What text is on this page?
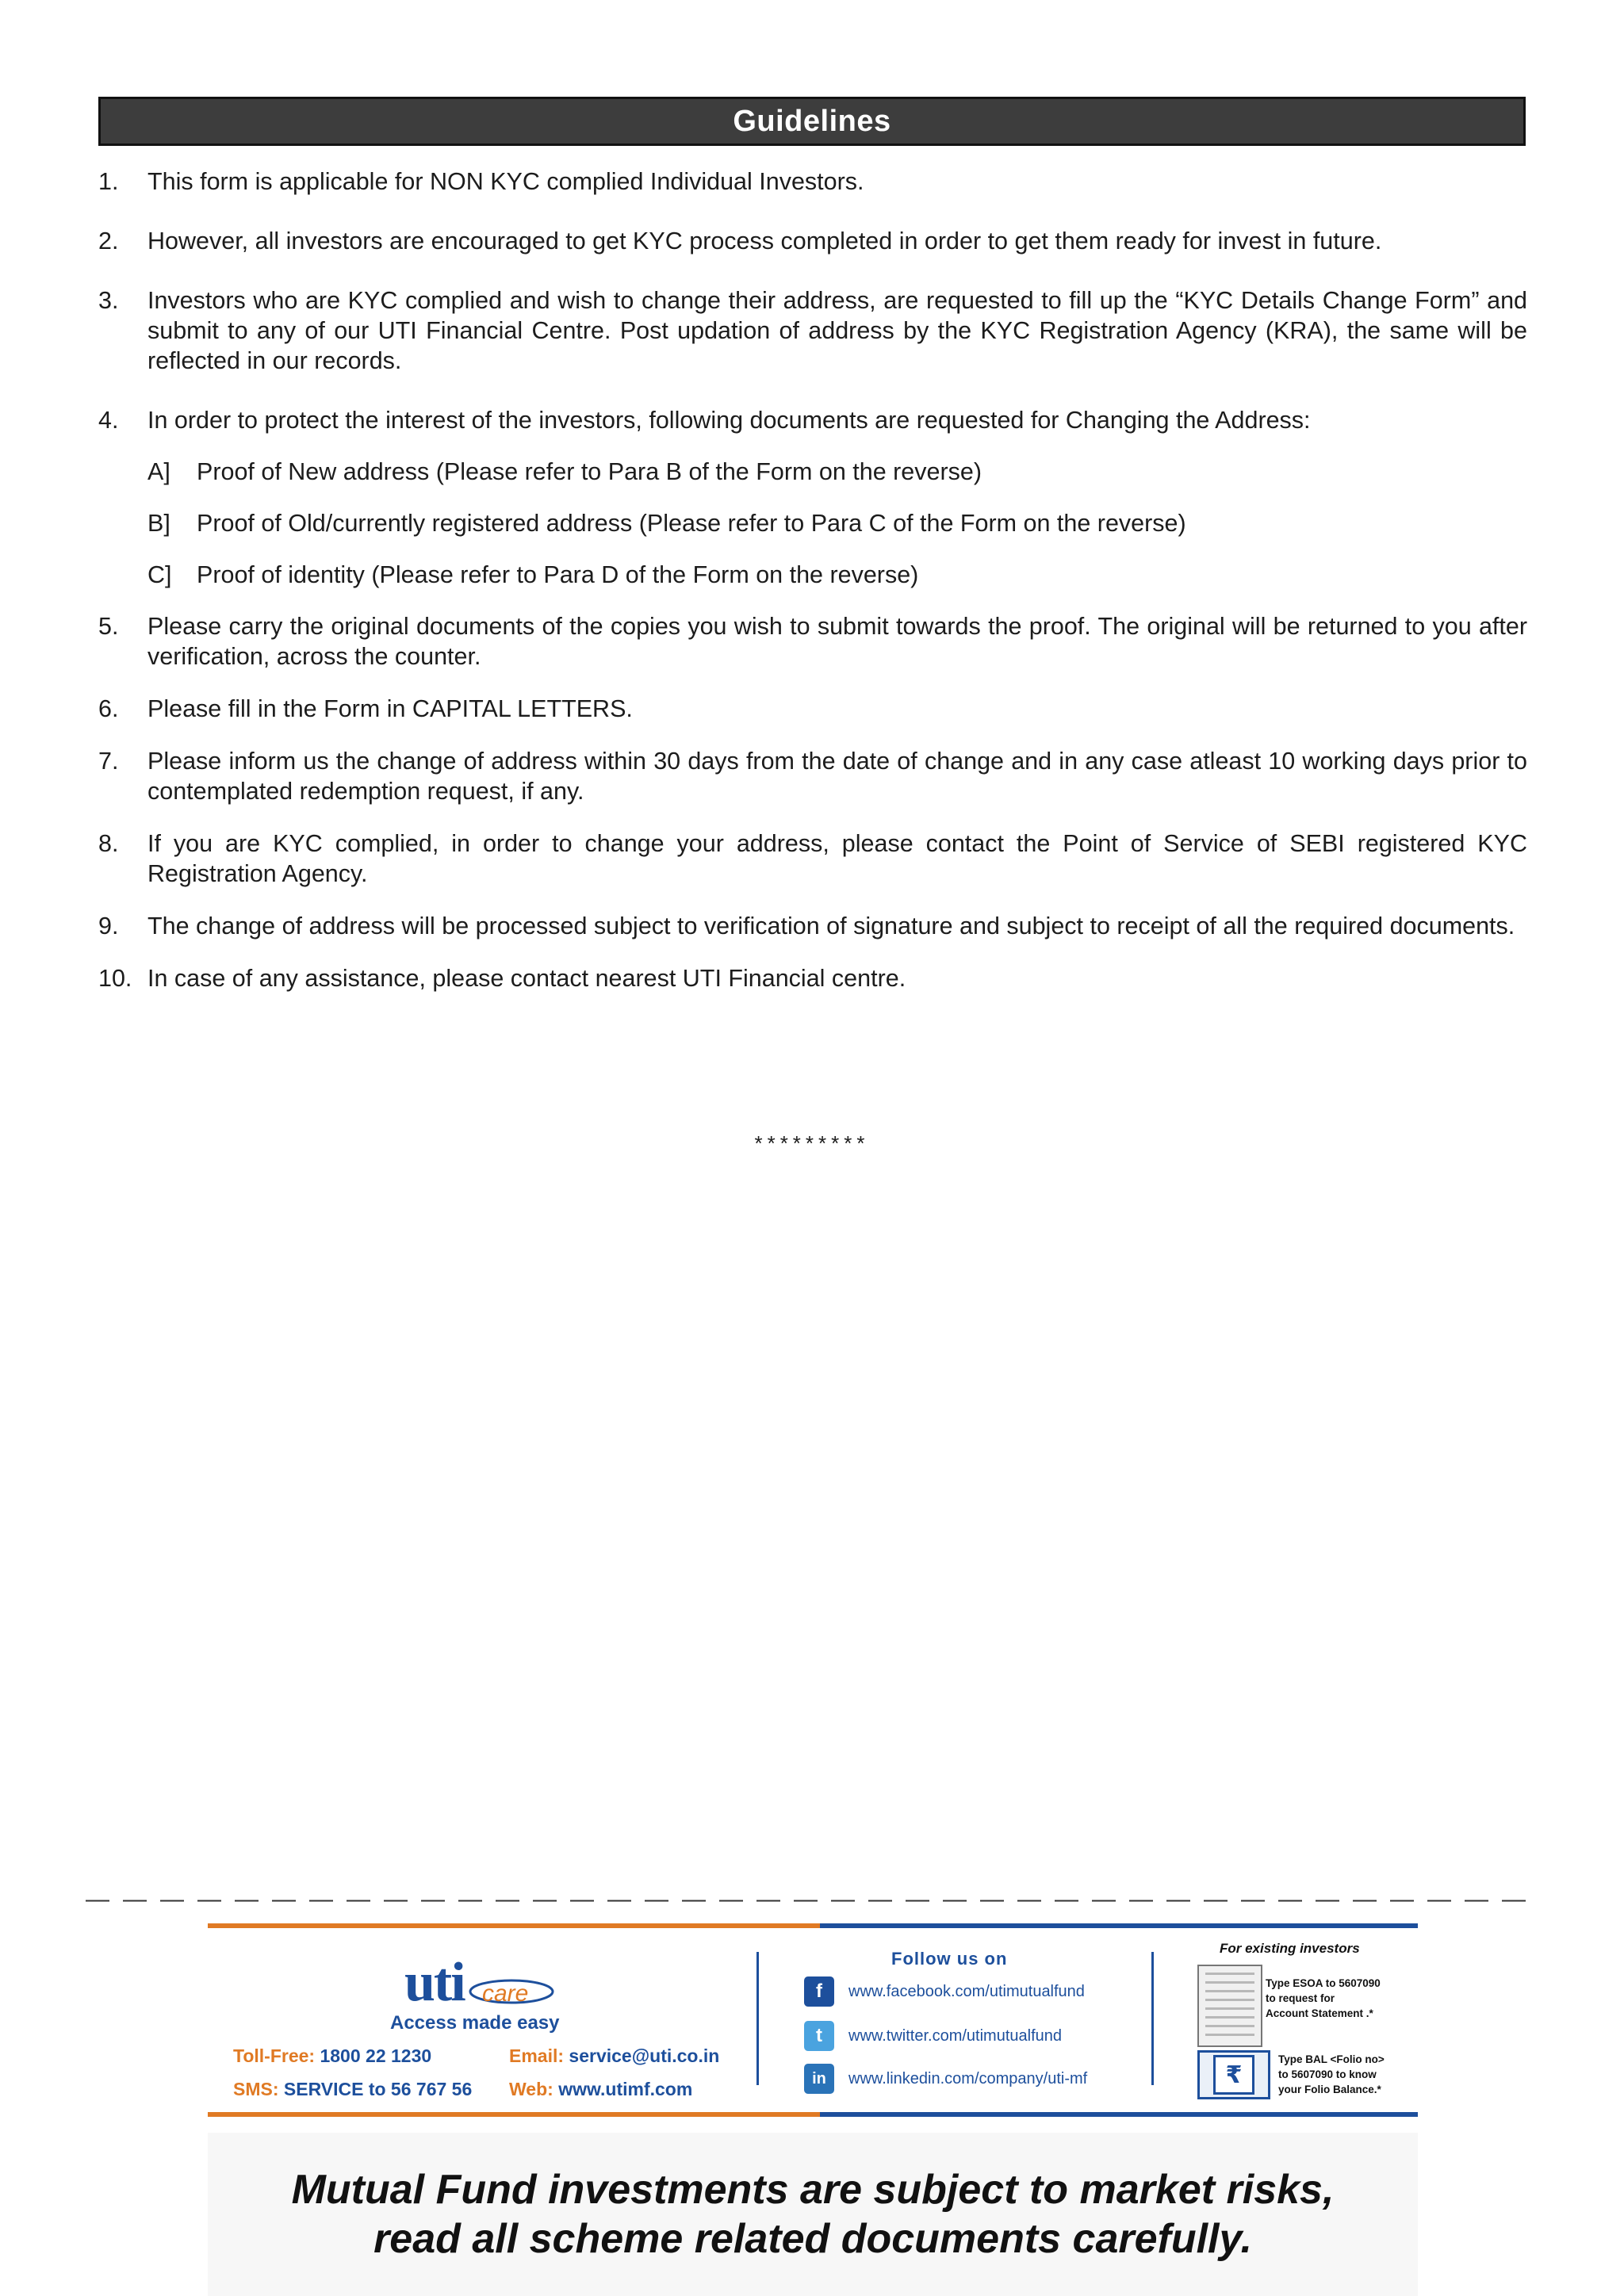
Guidelines
1. This form is applicable for NON KYC complied Individual Investors.
2. However, all investors are encouraged to get KYC process completed in order to get them ready for invest in future.
3. Investors who are KYC complied and wish to change their address, are requested to fill up the “KYC Details Change Form” and submit to any of our UTI Financial Centre. Post updation of address by the KYC Registration Agency (KRA), the same will be reflected in our records.
4. In order to protect the interest of the investors, following documents are requested for Changing the Address:
A] Proof of New address (Please refer to Para B of the Form on the reverse)
B] Proof of Old/currently registered address (Please refer to Para C of the Form on the reverse)
C] Proof of identity (Please refer to Para D of the Form on the reverse)
5. Please carry the original documents of the copies you wish to submit towards the proof. The original will be returned to you after verification, across the counter.
6. Please fill in the Form in CAPITAL LETTERS.
7. Please inform us the change of address within 30 days from the date of change and in any case atleast 10 working days prior to contemplated redemption request, if any.
8. If you are KYC complied, in order to change your address, please contact the Point of Service of SEBI registered KYC Registration Agency.
9. The change of address will be processed subject to verification of signature and subject to receipt of all the required documents.
10. In case of any assistance, please contact nearest UTI Financial centre.
*********
uti care
Access made easy
Toll-Free: 1800 22 1230	Email: service@uti.co.in
SMS: SERVICE to 56 767 56 Web: www.utimf.com
Follow us on
f	www.facebook.com/utimutualfund
t	www.twitter.com/utimutualfund
in	www.linkedin.com/company/uti-mf
For existing investors
Type ESOA to 5607090
to request for
Account Statement .*
₹
Type BAL <Folio no>
to 5607090 to know
your Folio Balance.*
Mutual Fund investments are subject to market risks,
read all scheme related documents carefully.
